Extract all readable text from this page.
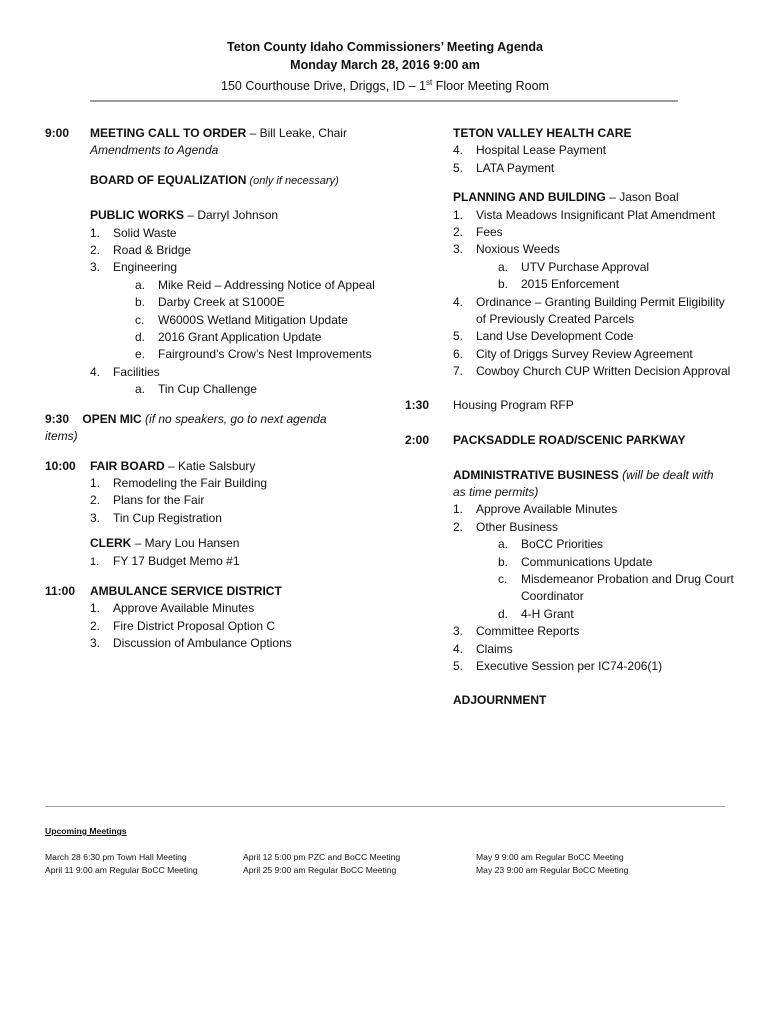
Teton County Idaho Commissioners’ Meeting Agenda
Monday March 28, 2016 9:00 am
150 Courthouse Drive, Driggs, ID – 1st Floor Meeting Room
9:00 MEETING CALL TO ORDER – Bill Leake, Chair
Amendments to Agenda
BOARD OF EQUALIZATION (only if necessary)
PUBLIC WORKS – Darryl Johnson
1. Solid Waste
2. Road & Bridge
3. Engineering
a. Mike Reid – Addressing Notice of Appeal
b. Darby Creek at S1000E
c. W6000S Wetland Mitigation Update
d. 2016 Grant Application Update
e. Fairground’s Crow’s Nest Improvements
4. Facilities
a. Tin Cup Challenge
9:30 OPEN MIC (if no speakers, go to next agenda
items)
10:00 FAIR BOARD – Katie Salsbury
1. Remodeling the Fair Building
2. Plans for the Fair
3. Tin Cup Registration
CLERK – Mary Lou Hansen
1. FY 17 Budget Memo #1
11:00 AMBULANCE SERVICE DISTRICT
1. Approve Available Minutes
2. Fire District Proposal Option C
3. Discussion of Ambulance Options
TETON VALLEY HEALTH CARE
4. Hospital Lease Payment
5. LATA Payment
PLANNING AND BUILDING – Jason Boal
1. Vista Meadows Insignificant Plat Amendment
2. Fees
3. Noxious Weeds
a. UTV Purchase Approval
b. 2015 Enforcement
4. Ordinance – Granting Building Permit Eligibility of Previously Created Parcels
5. Land Use Development Code
6. City of Driggs Survey Review Agreement
7. Cowboy Church CUP Written Decision Approval
1:30 Housing Program RFP
2:00 PACKSADDLE ROAD/SCENIC PARKWAY
ADMINISTRATIVE BUSINESS (will be dealt with
as time permits)
1. Approve Available Minutes
2. Other Business
a. BoCC Priorities
b. Communications Update
c. Misdemeanor Probation and Drug Court Coordinator
d. 4-H Grant
3. Committee Reports
4. Claims
5. Executive Session per IC74-206(1)
ADJOURNMENT
Upcoming Meetings
March 28 6:30 pm Town Hall Meeting
April 11 9:00 am Regular BoCC Meeting
April 12 5:00 pm PZC and BoCC Meeting
April 25 9:00 am Regular BoCC Meeting
May 9 9:00 am Regular BoCC Meeting
May 23 9:00 am Regular BoCC Meeting
